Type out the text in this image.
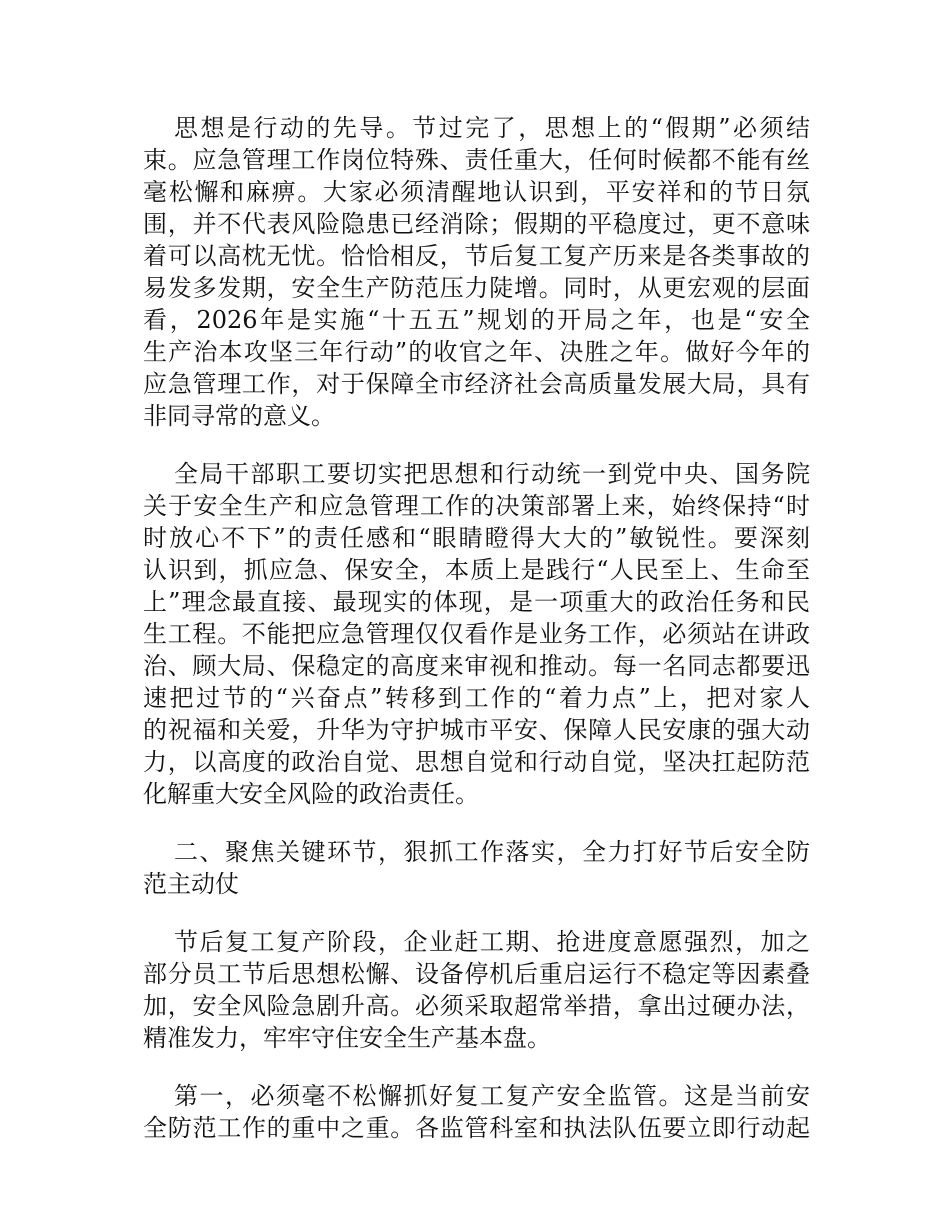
思想是行动的先导。节过完了，思想上的“假期”必须结
束。应急管理工作岗位特殊、责任重大，任何时候都不能有丝
毫松懈和麻痹。大家必须清醒地认识到，平安祥和的节日氛
围，并不代表风险隐患已经消除；假期的平稳度过，更不意味
着可以高枕无忧。恰恰相反，节后复工复产历来是各类事故的
易发多发期，安全生产防范压力陡增。同时，从更宏观的层面
看，2026年是实施“十五五”规划的开局之年，也是“安全
生产治本攻坚三年行动”的收官之年、决胜之年。做好今年的
应急管理工作，对于保障全市经济社会高质量发展大局，具有
非同寻常的意义。
全局干部职工要切实把思想和行动统一到党中央、国务院
关于安全生产和应急管理工作的决策部署上来，始终保持“时
时放心不下”的责任感和“眼睛瞪得大大的”敏锐性。要深刻
认识到，抓应急、保安全，本质上是践行“人民至上、生命至
上”理念最直接、最现实的体现，是一项重大的政治任务和民
生工程。不能把应急管理仅仅看作是业务工作，必须站在讲政
治、顾大局、保稳定的高度来审视和推动。每一名同志都要迅
速把过节的“兴奋点”转移到工作的“着力点”上，把对家人
的祝福和关爱，升华为守护城市平安、保障人民安康的强大动
力，以高度的政治自觉、思想自觉和行动自觉，坚决扛起防范
化解重大安全风险的政治责任。
二、聚焦关键环节，狠抓工作落实，全力打好节后安全防
范主动仗
节后复工复产阶段，企业赶工期、抢进度意愿强烈，加之
部分员工节后思想松懈、设备停机后重启运行不稳定等因素叠
加，安全风险急剧升高。必须采取超常举措，拿出过硬办法，
精准发力，牢牢守住安全生产基本盘。
第一，必须毫不松懈抓好复工复产安全监管。这是当前安
全防范工作的重中之重。各监管科室和执法队伍要立即行动起
